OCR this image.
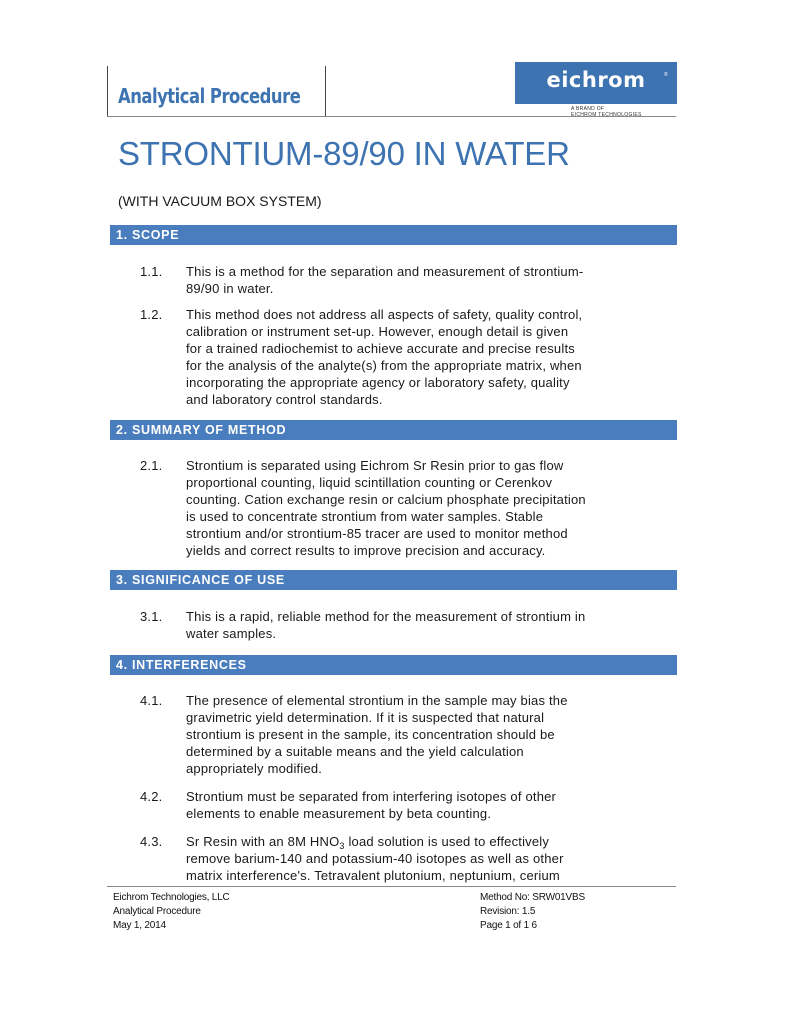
Analytical Procedure
eichrom	®
A BRAND OF
EICHROM TECHNOLOGIES
STRONTIUM-89/90 IN WATER
(WITH VACUUM BOX SYSTEM)
1. SCOPE
1.1. This is a method for the separation and measurement of strontium-
89/90 in water.
1.2. This method does not address all aspects of safety, quality control,
calibration or instrument set-up. However, enough detail is given
for a trained radiochemist to achieve accurate and precise results
for the analysis of the analyte(s) from the appropriate matrix, when
incorporating the appropriate agency or laboratory safety, quality
and laboratory control standards.
2. SUMMARY OF METHOD
2.1. Strontium is separated using Eichrom Sr Resin prior to gas flow
proportional counting, liquid scintillation counting or Cerenkov
counting. Cation exchange resin or calcium phosphate precipitation
is used to concentrate strontium from water samples. Stable
strontium and/or strontium-85 tracer are used to monitor method
yields and correct results to improve precision and accuracy.
3. SIGNIFICANCE OF USE
3.1. This is a rapid, reliable method for the measurement of strontium in
water samples.
4. INTERFERENCES
4.1. The presence of elemental strontium in the sample may bias the
gravimetric yield determination. If it is suspected that natural
strontium is present in the sample, its concentration should be
determined by a suitable means and the yield calculation
appropriately modified.
4.2. Strontium must be separated from interfering isotopes of other
elements to enable measurement by beta counting.
4.3. Sr Resin with an 8M $HNO_3$ load solution is used to effectively
remove barium-140 and potassium-40 isotopes as well as other
matrix interference's. Tetravalent plutonium, neptunium, cerium
Eichrom Technologies, LLC
Analytical Procedure
May 1, 2014
Method No: SRW01VBS
Revision: 1.5
Page 1 of 1 6
